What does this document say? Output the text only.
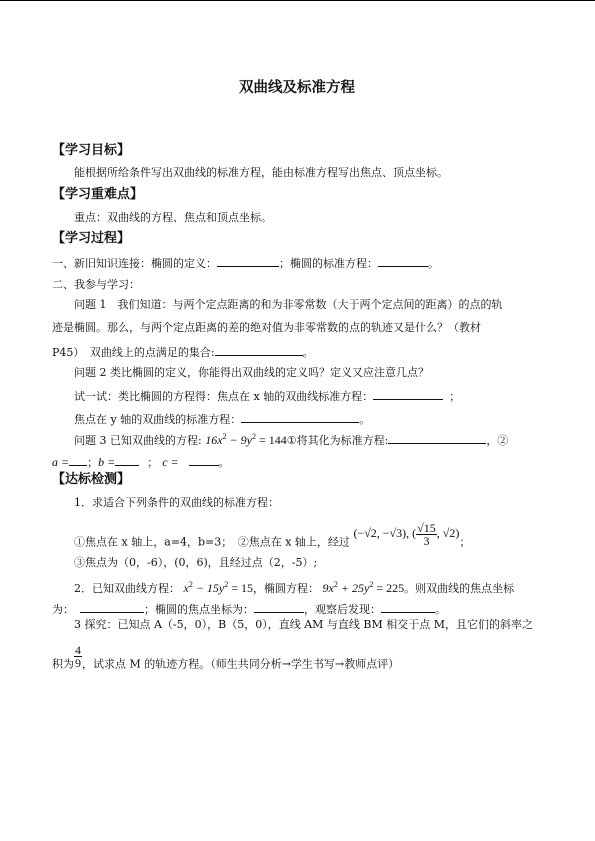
双曲线及标准方程
【学习目标】
能根据所给条件写出双曲线的标准方程，能由标准方程写出焦点、顶点坐标。
【学习重难点】
重点：双曲线的方程、焦点和顶点坐标。
【学习过程】
一、新旧知识连接：椭圆的定义：	；椭圆的标准方程：	。
二、我参与学习：
问题 1　我们知道：与两个定点距离的和为非零常数（大于两个定点间的距离）的点的轨
迹是椭圆。那么，与两个定点距离的差的绝对值为非零常数的点的轨迹又是什么？（教材
P45）　双曲线上的点满足的集合:	。
问题 2 类比椭圆的定义，你能得出双曲线的定义吗？定义又应注意几点？
试一试：类比椭圆的方程得：焦点在 x 轴的双曲线标准方程：	；
焦点在 y 轴的双曲线的标准方程：	。
问题 3 已知双曲线的方程: $16x^2 - 9y^2$ = 144①将其化为标准方程:	，②
a = ；b =	； c =	。
【达标检测】
1．求适合下列条件的双曲线的标准方程：
①焦点在 x 轴上，a=4，b=3；　②焦点在 x 轴上，经过 (−√2, −√3), ( $\frac{√15}{3}$ , √2)；
③焦点为（0，-6），(0，6)，且经过点（2，-5）;
2．已知双曲线方程： $x^2 - 15y^2 = 15$，椭圆方程： $9x^2 + 25y^2 = 225$。则双曲线的焦点坐标
为：	；椭圆的焦点坐标为：	，观察后发现：	。
3 探究：已知点 A（-5，0），B（5，0），直线 AM 与直线 BM 相交于点 M，且它们的斜率之
积为 $\frac{4}{9}$ ，试求点 M 的轨迹方程。（师生共同分析→学生书写→教师点评）
